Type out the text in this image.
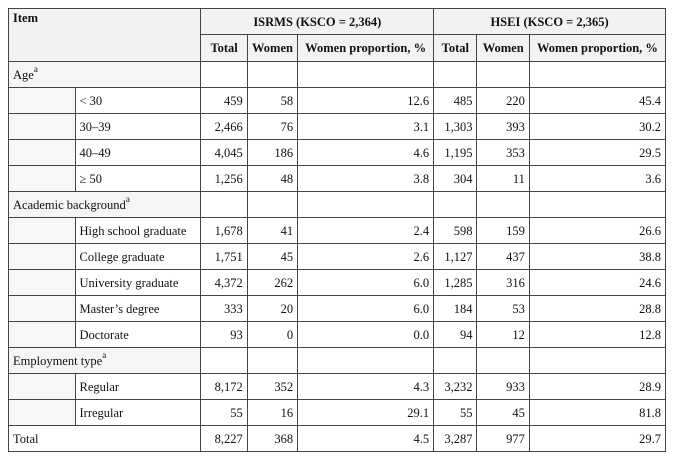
Item		ISRMS (KSCO = 2,364)			HSEI (KSCO = 2,365)		
		Total	Women	Women proportion, %	Total	Women	Women proportion, %
Age$^a$						
	< 30	459	58	12.6	485	220	45.4
	30–39	2,466	76	3.1	1,303	393	30.2
	40–49	4,045	186	4.6	1,195	353	29.5
	≥ 50	1,256	48	3.8	304	11	3.6
Academic background$^a$						
	High school graduate	1,678	41	2.4	598	159	26.6
	College graduate	1,751	45	2.6	1,127	437	38.8
	University graduate	4,372	262	6.0	1,285	316	24.6
	Master’s degree	333	20	6.0	184	53	28.8
	Doctorate	93	0	0.0	94	12	12.8
Employment type$^a$						
	Regular	8,172	352	4.3	3,232	933	28.9
	Irregular	55	16	29.1	55	45	81.8
Total		8,227	368	4.5	3,287	977	29.7
